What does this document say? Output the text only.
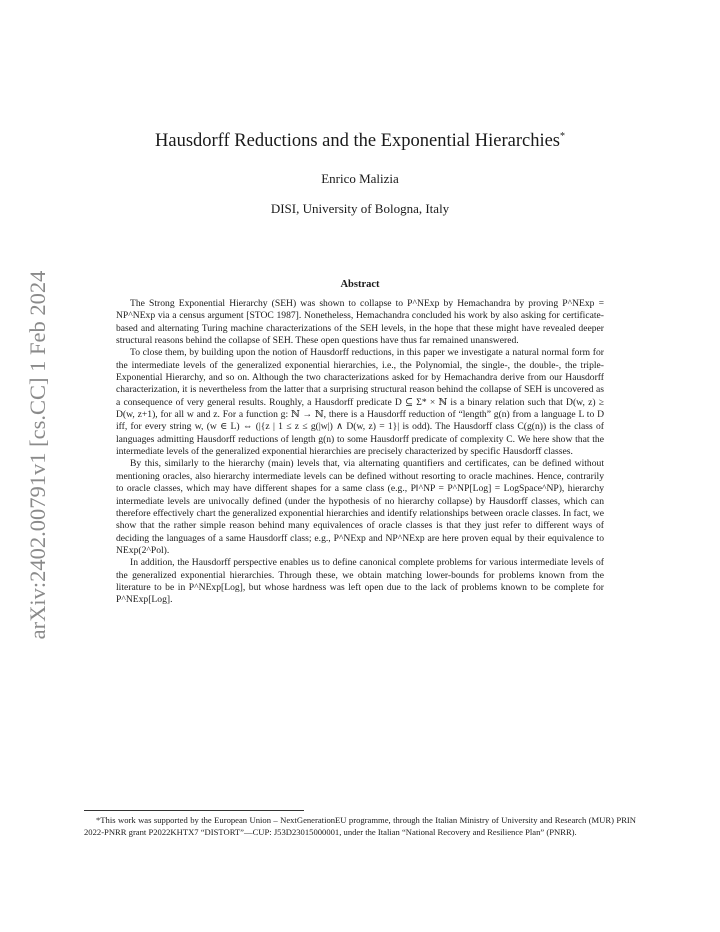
arXiv:2402.00791v1 [cs.CC] 1 Feb 2024
Hausdorff Reductions and the Exponential Hierarchies*
Enrico Malizia
DISI, University of Bologna, Italy
Abstract

The Strong Exponential Hierarchy (SEH) was shown to collapse to P^NExp by Hemachandra by proving P^NExp = NP^NExp via a census argument [STOC 1987]. Nonetheless, Hemachandra concluded his work by also asking for certificate-based and alternating Turing machine characterizations of the SEH levels, in the hope that these might have revealed deeper structural reasons behind the collapse of SEH. These open questions have thus far remained unanswered.

To close them, by building upon the notion of Hausdorff reductions, in this paper we investigate a natural normal form for the intermediate levels of the generalized exponential hierarchies, i.e., the Polynomial, the single-, the double-, the triple-Exponential Hierarchy, and so on. Although the two characterizations asked for by Hemachandra derive from our Hausdorff characterization, it is nevertheless from the latter that a surprising structural reason behind the collapse of SEH is uncovered as a consequence of very general results. Roughly, a Hausdorff predicate D ⊆ Σ* × ℕ is a binary relation such that D(w, z) ≥ D(w, z+1), for all w and z. For a function g: ℕ → ℕ, there is a Hausdorff reduction of “length” g(n) from a language L to D iff, for every string w, (w ∈ L) ⇔ (|{z | 1 ≤ z ≤ g(|w|) ∧ D(w, z) = 1}| is odd). The Hausdorff class C(g(n)) is the class of languages admitting Hausdorff reductions of length g(n) to some Hausdorff predicate of complexity C. We here show that the intermediate levels of the generalized exponential hierarchies are precisely characterized by specific Hausdorff classes.

By this, similarly to the hierarchy (main) levels that, via alternating quantifiers and certificates, can be defined without mentioning oracles, also hierarchy intermediate levels can be defined without resorting to oracle machines. Hence, contrarily to oracle classes, which may have different shapes for a same class (e.g., P‖^NP = P^NP[Log] = LogSpace^NP), hierarchy intermediate levels are univocally defined (under the hypothesis of no hierarchy collapse) by Hausdorff classes, which can therefore effectively chart the generalized exponential hierarchies and identify relationships between oracle classes. In fact, we show that the rather simple reason behind many equivalences of oracle classes is that they just refer to different ways of deciding the languages of a same Hausdorff class; e.g., P^NExp and NP^NExp are here proven equal by their equivalence to NExp(2^Pol).

In addition, the Hausdorff perspective enables us to define canonical complete problems for various intermediate levels of the generalized exponential hierarchies. Through these, we obtain matching lower-bounds for problems known from the literature to be in P^NExp[Log], but whose hardness was left open due to the lack of problems known to be complete for P^NExp[Log].

*This work was supported by the European Union – NextGenerationEU programme, through the Italian Ministry of University and Research (MUR) PRIN 2022-PNRR grant P2022KHTX7 “DISTORT”—CUP: J53D23015000001, under the Italian “National Recovery and Resilience Plan” (PNRR).
